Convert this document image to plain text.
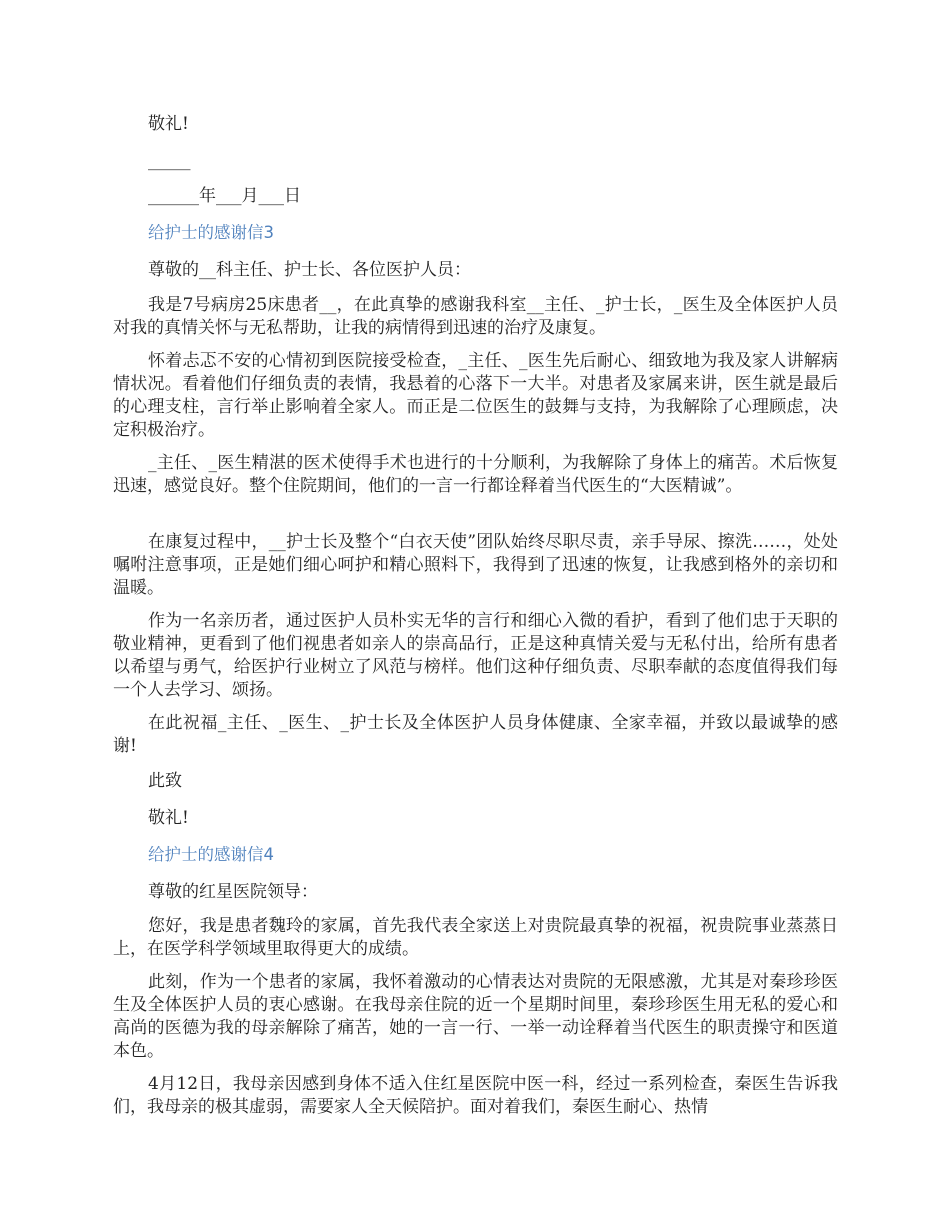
敬礼!
_____
______年___月___日
给护士的感谢信3
尊敬的__科主任、护士长、各位医护人员：
我是7号病房25床患者__，在此真挚的感谢我科室__主任、_护士长，_医生及全体医护人员对我的真情关怀与无私帮助，让我的病情得到迅速的治疗及康复。
怀着忐忑不安的心情初到医院接受检查，_主任、_医生先后耐心、细致地为我及家人讲解病情状况。看着他们仔细负责的表情，我悬着的心落下一大半。对患者及家属来讲，医生就是最后的心理支柱，言行举止影响着全家人。而正是二位医生的鼓舞与支持，为我解除了心理顾虑，决定积极治疗。
_主任、_医生精湛的医术使得手术也进行的十分顺利，为我解除了身体上的痛苦。术后恢复迅速，感觉良好。整个住院期间，他们的一言一行都诠释着当代医生的“大医精诚”。
在康复过程中，__护士长及整个“白衣天使”团队始终尽职尽责，亲手导尿、擦洗……，处处嘱咐注意事项，正是她们细心呵护和精心照料下，我得到了迅速的恢复，让我感到格外的亲切和温暖。
作为一名亲历者，通过医护人员朴实无华的言行和细心入微的看护，看到了他们忠于天职的敬业精神，更看到了他们视患者如亲人的崇高品行，正是这种真情关爱与无私付出，给所有患者以希望与勇气，给医护行业树立了风范与榜样。他们这种仔细负责、尽职奉献的态度值得我们每一个人去学习、颂扬。
在此祝福_主任、_医生、_护士长及全体医护人员身体健康、全家幸福，并致以最诚挚的感谢!
此致
敬礼!
给护士的感谢信4
尊敬的红星医院领导：
您好，我是患者魏玲的家属，首先我代表全家送上对贵院最真挚的祝福，祝贵院事业蒸蒸日上，在医学科学领域里取得更大的成绩。
此刻，作为一个患者的家属，我怀着激动的心情表达对贵院的无限感激，尤其是对秦珍珍医生及全体医护人员的衷心感谢。在我母亲住院的近一个星期时间里，秦珍珍医生用无私的爱心和高尚的医德为我的母亲解除了痛苦，她的一言一行、一举一动诠释着当代医生的职责操守和医道本色。
4月12日，我母亲因感到身体不适入住红星医院中医一科，经过一系列检查，秦医生告诉我们，我母亲的极其虚弱，需要家人全天候陪护。面对着我们，秦医生耐心、热情
